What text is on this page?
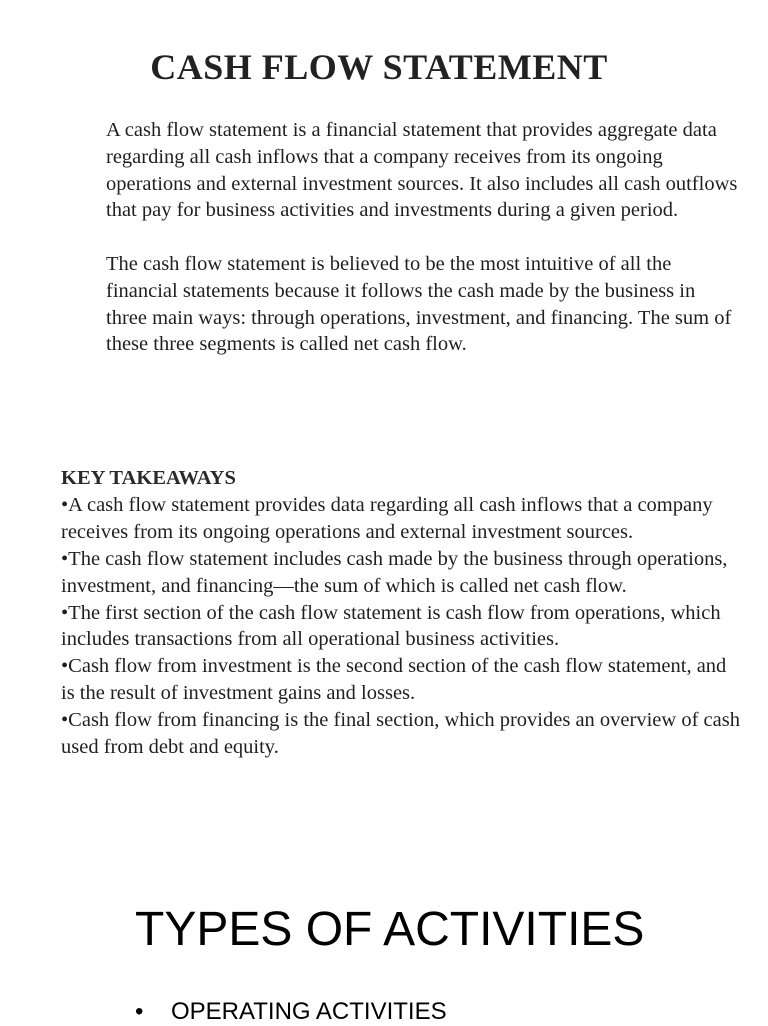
CASH FLOW STATEMENT

A cash flow statement is a financial statement that provides aggregate data regarding all cash inflows that a company receives from its ongoing operations and external investment sources. It also includes all cash outflows that pay for business activities and investments during a given period.

The cash flow statement is believed to be the most intuitive of all the financial statements because it follows the cash made by the business in three main ways: through operations, investment, and financing. The sum of these three segments is called net cash flow.

KEY TAKEAWAYS
•A cash flow statement provides data regarding all cash inflows that a company receives from its ongoing operations and external investment sources.
•The cash flow statement includes cash made by the business through operations, investment, and financing—the sum of which is called net cash flow.
•The first section of the cash flow statement is cash flow from operations, which includes transactions from all operational business activities.
•Cash flow from investment is the second section of the cash flow statement, and is the result of investment gains and losses.
•Cash flow from financing is the final section, which provides an overview of cash used from debt and equity.
TYPES OF ACTIVITIES
•	OPERATING ACTIVITIES
